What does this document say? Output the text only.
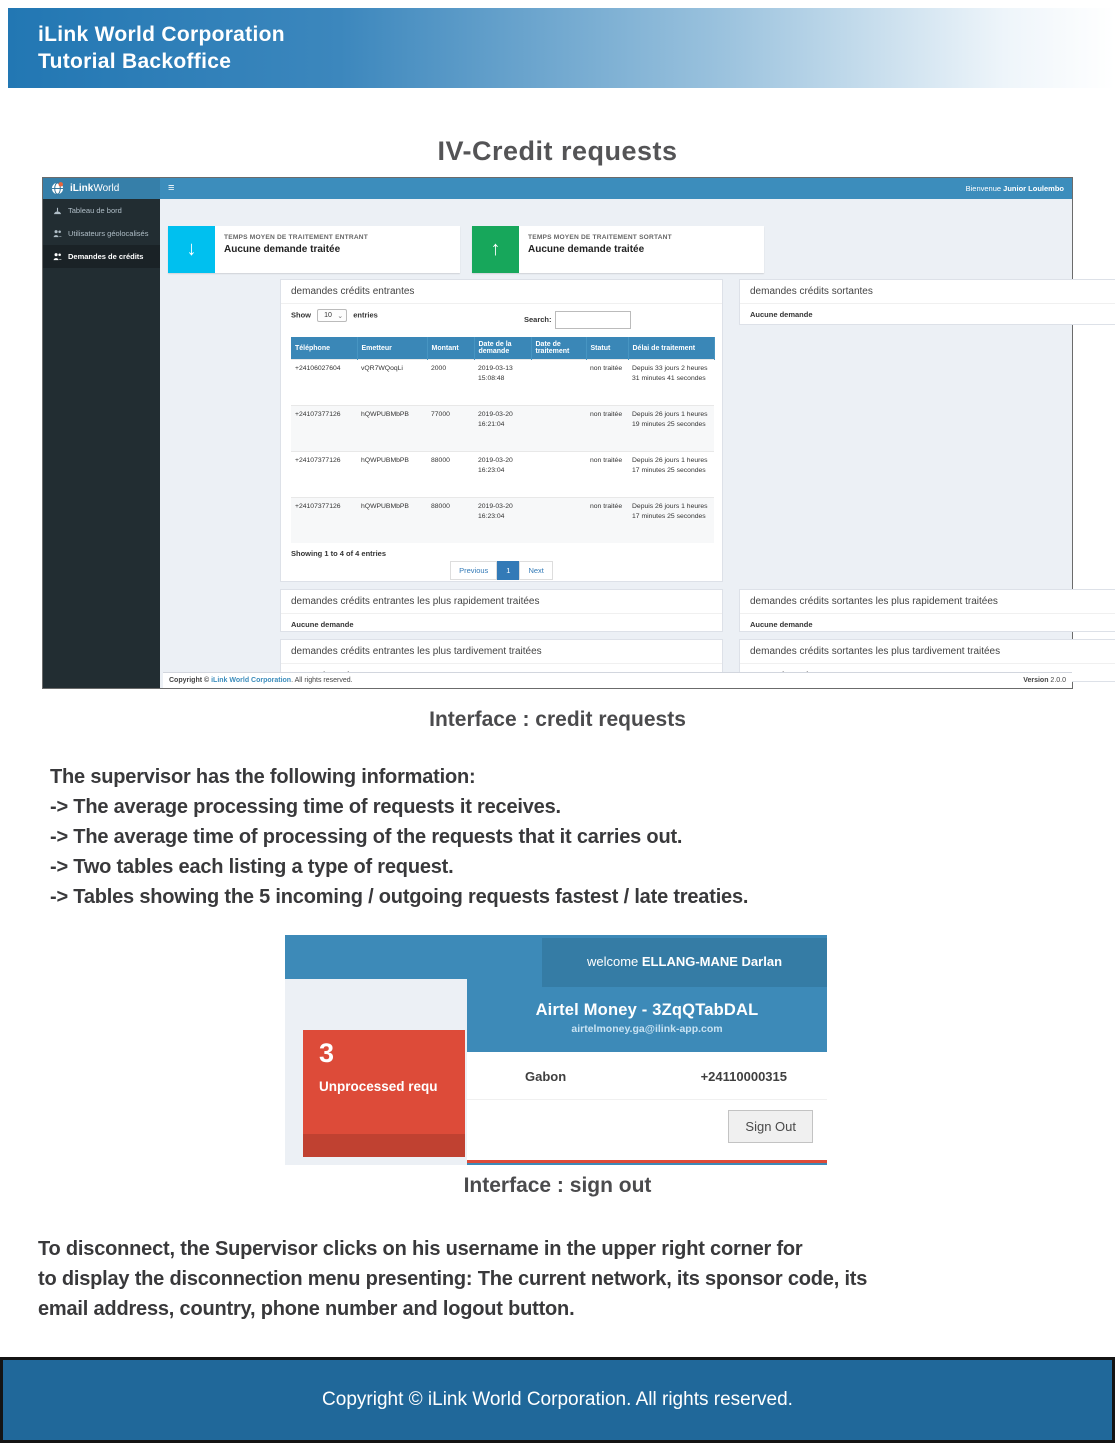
iLink World Corporation
Tutorial Backoffice
IV-Credit requests
iLink World	≡	Bienvenue Junior Loulembo
Tableau de bord
Utilisateurs géolocalisés
Demandes de crédits	↓
TEMPS MOYEN DE TRAITEMENT ENTRANT
Aucune demande traitée	↑
TEMPS MOYEN DE TRAITEMENT SORTANT
Aucune demande traitée
demandes crédits entrantes
Show 10 ⌄ entries	Search:
Téléphone	Emetteur	Montant	Date de la demande	Date de traitement	Statut	Délai de traitement
+24106027604	vQR7WQoqLi	2000	2019-03-13 15:08:48		non traitée	Depuis 33 jours 2 heures 31 minutes 41 secondes
+24107377126	hQWPUBMbPB	77000	2019-03-20 16:21:04		non traitée	Depuis 26 jours 1 heures 19 minutes 25 secondes
+24107377126	hQWPUBMbPB	88000	2019-03-20 16:23:04		non traitée	Depuis 26 jours 1 heures 17 minutes 25 secondes
+24107377126	hQWPUBMbPB	88000	2019-03-20 16:23:04		non traitée	Depuis 26 jours 1 heures 17 minutes 25 secondes
Showing 1 to 4 of 4 entries
Previous 1 Next
demandes crédits sortantes
Aucune demande
demandes crédits entrantes les plus rapidement traitées
Aucune demande
demandes crédits sortantes les plus rapidement traitées
Aucune demande
demandes crédits entrantes les plus tardivement traitées	demandes crédits sortantes les plus tardivement traitées
Version 2.0.0
Copyright © iLink World Corporation. All rights reserved.
Interface : credit requests
The supervisor has the following information:
-> The average processing time of requests it receives.
-> The average time of processing of the requests that it carries out.
-> Two tables each listing a type of request.
-> Tables showing the 5 incoming / outgoing requests fastest / late treaties.
3
Unprocessed requ
welcome ELLANG-MANE Darlan
Airtel Money - 3ZqQTabDAL
airtelmoney.ga@ilink-app.com
Gabon	+24110000315
Sign Out
Interface : sign out
To disconnect, the Supervisor clicks on his username in the upper right corner for
to display the disconnection menu presenting: The current network, its sponsor code, its
email address, country, phone number and logout button.
Copyright © iLink World Corporation. All rights reserved.
